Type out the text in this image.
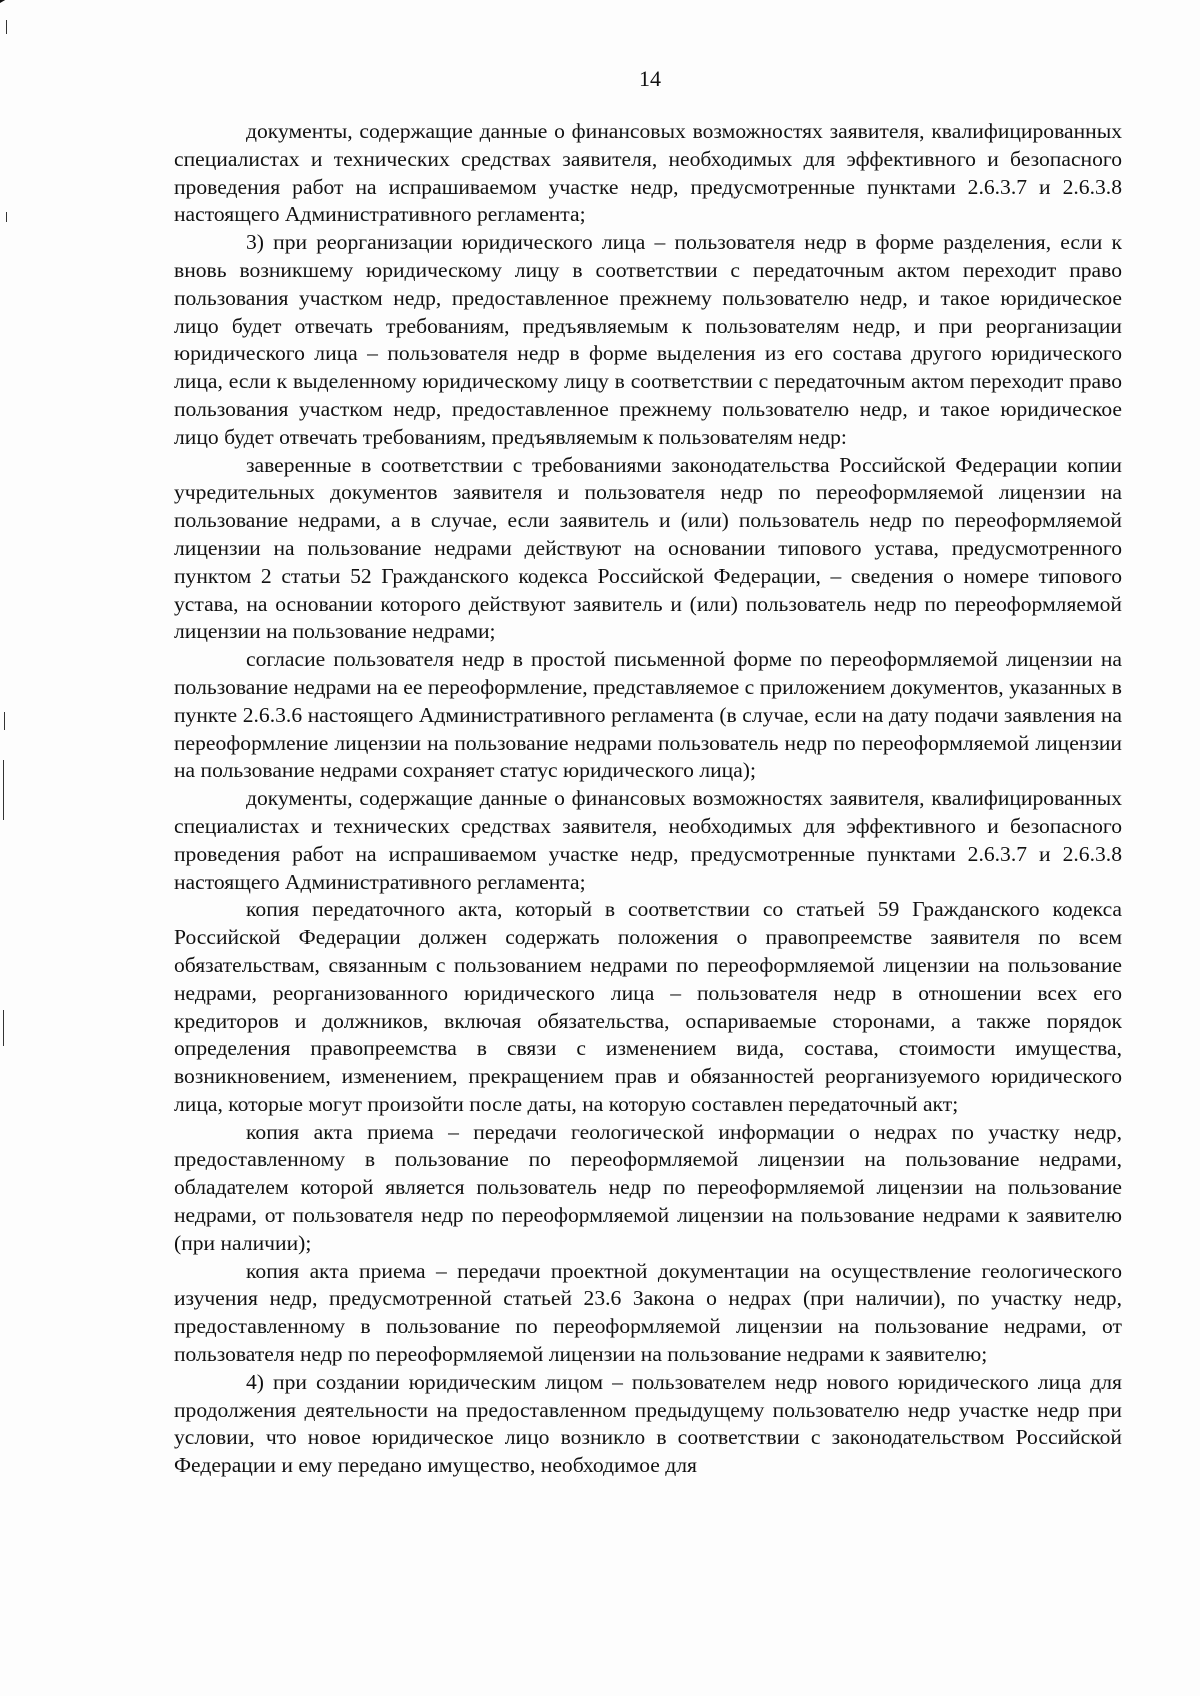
14

документы, содержащие данные о финансовых возможностях заявителя, квалифицированных специалистах и технических средствах заявителя, необходимых для эффективного и безопасного проведения работ на испрашиваемом участке недр, предусмотренные пунктами 2.6.3.7 и 2.6.3.8 настоящего Административного регламента;

3) при реорганизации юридического лица – пользователя недр в форме разделения, если к вновь возникшему юридическому лицу в соответствии с передаточным актом переходит право пользования участком недр, предоставленное прежнему пользователю недр, и такое юридическое лицо будет отвечать требованиям, предъявляемым к пользователям недр, и при реорганизации юридического лица – пользователя недр в форме выделения из его состава другого юридического лица, если к выделенному юридическому лицу в соответствии с передаточным актом переходит право пользования участком недр, предоставленное прежнему пользователю недр, и такое юридическое лицо будет отвечать требованиям, предъявляемым к пользователям недр:

заверенные в соответствии с требованиями законодательства Российской Федерации копии учредительных документов заявителя и пользователя недр по переоформляемой лицензии на пользование недрами, а в случае, если заявитель и (или) пользователь недр по переоформляемой лицензии на пользование недрами действуют на основании типового устава, предусмотренного пунктом 2 статьи 52 Гражданского кодекса Российской Федерации, – сведения о номере типового устава, на основании которого действуют заявитель и (или) пользователь недр по переоформляемой лицензии на пользование недрами;

согласие пользователя недр в простой письменной форме по переоформляемой лицензии на пользование недрами на ее переоформление, представляемое с приложением документов, указанных в пункте 2.6.3.6 настоящего Административного регламента (в случае, если на дату подачи заявления на переоформление лицензии на пользование недрами пользователь недр по переоформляемой лицензии на пользование недрами сохраняет статус юридического лица);

документы, содержащие данные о финансовых возможностях заявителя, квалифицированных специалистах и технических средствах заявителя, необходимых для эффективного и безопасного проведения работ на испрашиваемом участке недр, предусмотренные пунктами 2.6.3.7 и 2.6.3.8 настоящего Административного регламента;

копия передаточного акта, который в соответствии со статьей 59 Гражданского кодекса Российской Федерации должен содержать положения о правопреемстве заявителя по всем обязательствам, связанным с пользованием недрами по переоформляемой лицензии на пользование недрами, реорганизованного юридического лица – пользователя недр в отношении всех его кредиторов и должников, включая обязательства, оспариваемые сторонами, а также порядок определения правопреемства в связи с изменением вида, состава, стоимости имущества, возникновением, изменением, прекращением прав и обязанностей реорганизуемого юридического лица, которые могут произойти после даты, на которую составлен передаточный акт;

копия акта приема – передачи геологической информации о недрах по участку недр, предоставленному в пользование по переоформляемой лицензии на пользование недрами, обладателем которой является пользователь недр по переоформляемой лицензии на пользование недрами, от пользователя недр по переоформляемой лицензии на пользование недрами к заявителю (при наличии);

копия акта приема – передачи проектной документации на осуществление геологического изучения недр, предусмотренной статьей 23.6 Закона о недрах (при наличии), по участку недр, предоставленному в пользование по переоформляемой лицензии на пользование недрами, от пользователя недр по переоформляемой лицензии на пользование недрами к заявителю;

4) при создании юридическим лицом – пользователем недр нового юридического лица для продолжения деятельности на предоставленном предыдущему пользователю недр участке недр при условии, что новое юридическое лицо возникло в соответствии с законодательством Российской Федерации и ему передано имущество, необходимое для
